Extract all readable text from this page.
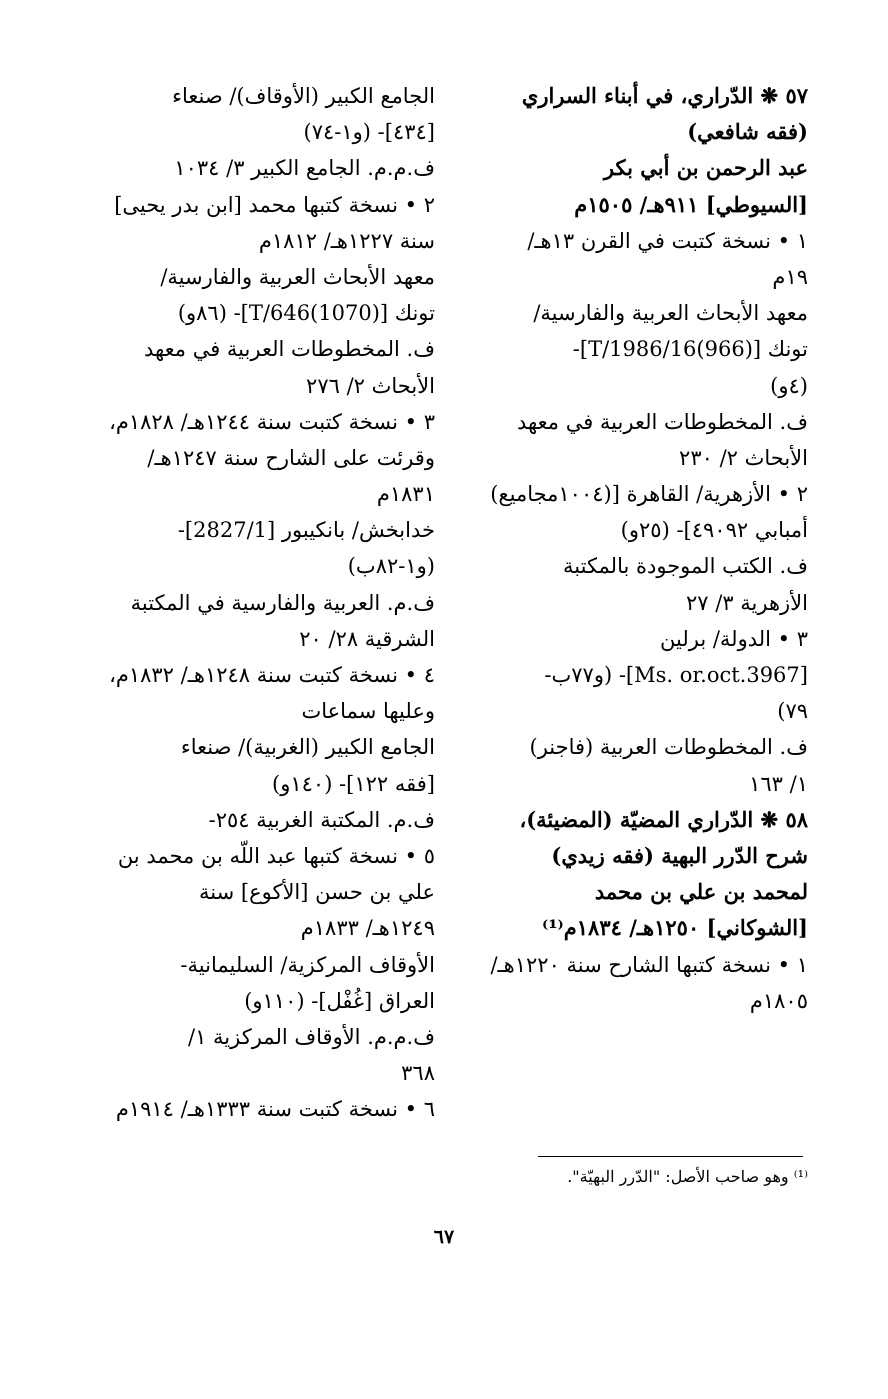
٥٧ ❋ الدّراري، في أبناء السراري
(فقه شافعي)
عبد الرحمن بن أبي بكر
[السيوطي] ٩١١هـ/ ١٥٠٥م
١ • نسخة كتبت في القرن ١٣هـ/
١٩م
معهد الأبحاث العربية والفارسية/
تونك [T/1986/16(966)]-
(٤و)
ف. المخطوطات العربية في معهد
الأبحاث ٢/ ٢٣٠
٢ • الأزهرية/ القاهرة [(١٠٠٤مجاميع)
أمبابي ٤٩٠٩٢]- (٢٥و)
ف. الكتب الموجودة بالمكتبة
الأزهرية ٣/ ٢٧
٣ • الدولة/ برلين
[Ms. or.oct.3967]- (و٧٧ب-
٧٩)
ف. المخطوطات العربية (فاجنر)
١/ ١٦٣
٥٨ ❋ الدّراري المضيّة (المضيئة)،
شرح الدّرر البهية (فقه زيدي)
لمحمد بن علي بن محمد
[الشوكاني] ١٢٥٠هـ/ ١٨٣٤م⁽¹⁾
١ • نسخة كتبها الشارح سنة ١٢٢٠هـ/
١٨٠٥م
الجامع الكبير (الأوقاف)/ صنعاء
[٤٣٤]- (و١-٧٤)
ف.م.م. الجامع الكبير ٣/ ١٠٣٤
٢ • نسخة كتبها محمد [ابن بدر يحيى]
سنة ١٢٢٧هـ/ ١٨١٢م
معهد الأبحاث العربية والفارسية/
تونك [T/646(1070)]- (٨٦و)
ف. المخطوطات العربية في معهد
الأبحاث ٢/ ٢٧٦
٣ • نسخة كتبت سنة ١٢٤٤هـ/ ١٨٢٨م،
وقرئت على الشارح سنة ١٢٤٧هـ/
١٨٣١م
خدابخش/ بانكيبور [2827/1]-
(و١-٨٢ب)
ف.م. العربية والفارسية في المكتبة
الشرقية ٢٨/ ٢٠
٤ • نسخة كتبت سنة ١٢٤٨هـ/ ١٨٣٢م،
وعليها سماعات
الجامع الكبير (الغربية)/ صنعاء
[فقه ١٢٢]- (١٤٠و)
ف.م. المكتبة الغربية ٢٥٤-
٥ • نسخة كتبها عبد اللّه بن محمد بن
علي بن حسن [الأكوع] سنة
١٢٤٩هـ/ ١٨٣٣م
الأوقاف المركزية/ السليمانية-
العراق [غُفْل]- (١١٠و)
ف.م.م. الأوقاف المركزية ١/
٣٦٨
٦ • نسخة كتبت سنة ١٣٣٣هـ/ ١٩١٤م
⁽¹⁾ وهو صاحب الأصل: "الدّرر البهيّة".
٦٧
